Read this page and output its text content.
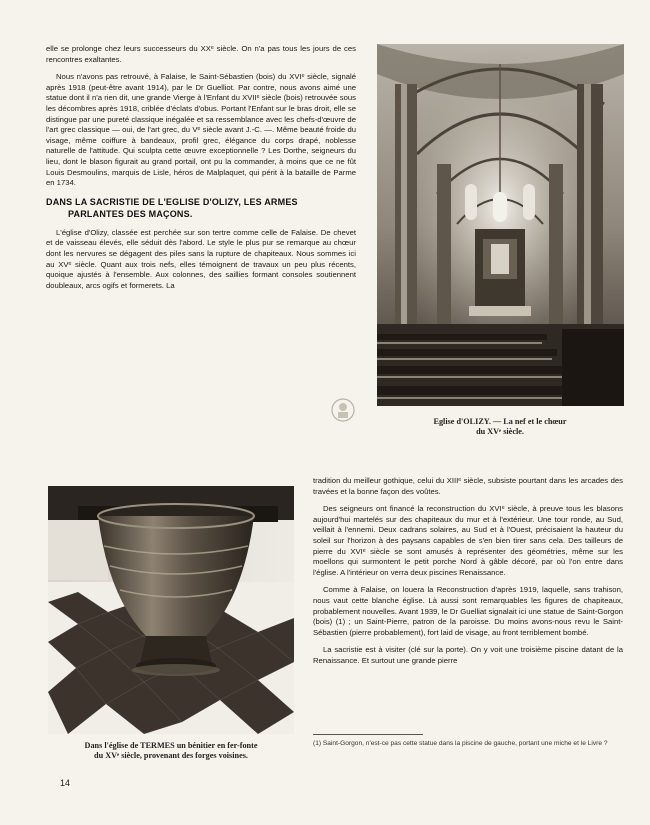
elle se prolonge chez leurs successeurs du XXᵉ siècle. On n'a pas tous les jours de ces rencontres exaltantes.

Nous n'avons pas retrouvé, à Falaise, le Saint-Sébastien (bois) du XVIᵉ siècle, signalé après 1918 (peut-être avant 1914), par le Dr Guelliot. Par contre, nous avons aimé une statue dont il n'a rien dit, une grande Vierge à l'Enfant du XVIIᵉ siècle (bois) retrouvée sous les décombres après 1918, criblée d'éclats d'obus. Portant l'Enfant sur le bras droit, elle se distingue par une pureté classique inégalée et sa ressemblance avec les chefs-d'œuvre de l'art grec classique — oui, de l'art grec, du Vᵉ siècle avant J.-C. —. Même beauté froide du visage, même coiffure à bandeaux, profil grec, élégance du corps drapé, noblesse naturelle de l'attitude. Qui sculpta cette œuvre exceptionnelle ? Les Dorthe, seigneurs du lieu, dont le blason figurait au grand portail, ont pu la commander, à moins que ce ne fût Louis Desmoulins, marquis de Lisle, héros de Malplaquet, qui périt à la bataille de Parme en 1734.

DANS LA SACRISTIE DE L'EGLISE D'OLIZY, LES ARMES
PARLANTES DES MAÇONS.

L'église d'Olizy, classée est perchée sur son tertre comme celle de Falaise. De chevet et de vaisseau élevés, elle séduit dès l'abord. Le style le plus pur se remarque au chœur dont les nervures se dégagent des piles sans la rupture de chapiteaux. Nous sommes ici au XVᵉ siècle. Quant aux trois nefs, elles témoignent de travaux un peu plus récents, quoique ajustés à l'ensemble. Aux colonnes, des saillies formant consoles soutiennent doubleaux, arcs ogifs et formerets. La

Eglise d'OLIZY. — La nef et le chœur
du XVᵉ siècle.
Dans l'église de TERMES un bénitier en fer-fonte
du XVᵉ siècle, provenant des forges voisines.

tradition du meilleur gothique, celui du XIIIᵉ siècle, subsiste pourtant dans les arcades des travées et la bonne façon des voûtes.

Des seigneurs ont financé la reconstruction du XVIᵉ siècle, à preuve tous les blasons aujourd'hui martelés sur des chapiteaux du mur et à l'extérieur. Une tour ronde, au Sud, veillait à l'ennemi. Deux cadrans solaires, au Sud et à l'Ouest, précisaient la hauteur du soleil sur l'horizon à des paysans capables de s'en bien tirer sans cela. Des tailleurs de pierre du XVIᵉ siècle se sont amusés à représenter des géométries, même sur les moellons qui surmontent le petit porche Nord à gâble décoré, par où l'on entre dans l'église. A l'intérieur on verra deux piscines Renaissance.

Comme à Falaise, on louera la Reconstruction d'après 1919, laquelle, sans trahison, nous vaut cette blanche église. Là aussi sont remarquables les figures de chapiteaux, probablement nouvelles. Avant 1939, le Dr Guelliat signalait ici une statue de Saint-Gorgon (bois) (1) ; un Saint-Pierre, patron de la paroisse. Du moins avons-nous revu le Saint-Sébastien (pierre probablement), fort laid de visage, au front terriblement bombé.

La sacristie est à visiter (clé sur la porte). On y voit une troisième piscine datant de la Renaissance. Et surtout une grande pierre

(1) Saint-Gorgon, n'est-ce pas cette statue dans la piscine de gauche, portant une miche et le Livre ?
14
